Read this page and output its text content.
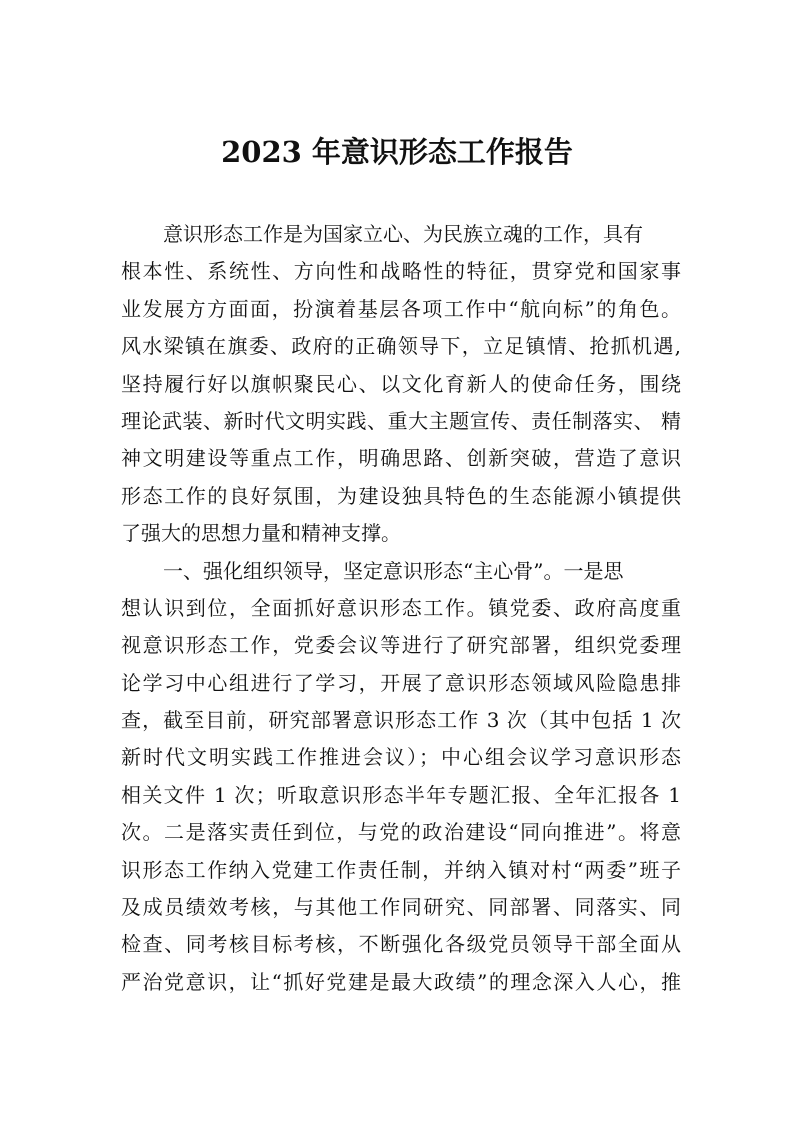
2023 年意识形态工作报告
意识形态工作是为国家立心、为民族立魂的工作，具有
根本性、系统性、方向性和战略性的特征，贯穿党和国家事
业发展方方面面，扮演着基层各项工作中“航向标”的角色。
风水梁镇在旗委、政府的正确领导下，立足镇情、抢抓机遇,
坚持履行好以旗帜聚民心、以文化育新人的使命任务，围绕
理论武装、新时代文明实践、重大主题宣传、责任制落实、 精
神文明建设等重点工作，明确思路、创新突破，营造了意识
形态工作的良好氛围，为建设独具特色的生态能源小镇提供
了强大的思想力量和精神支撑。
一、强化组织领导，坚定意识形态“主心骨”。一是思
想认识到位，全面抓好意识形态工作。镇党委、政府高度重
视意识形态工作，党委会议等进行了研究部署，组织党委理
论学习中心组进行了学习，开展了意识形态领域风险隐患排
查，截至目前，研究部署意识形态工作 3 次（其中包括 1 次
新时代文明实践工作推进会议）；中心组会议学习意识形态
相关文件 1 次；听取意识形态半年专题汇报、全年汇报各 1
次。二是落实责任到位，与党的政治建设“同向推进”。将意
识形态工作纳入党建工作责任制，并纳入镇对村“两委”班子
及成员绩效考核，与其他工作同研究、同部署、同落实、同
检查、同考核目标考核，不断强化各级党员领导干部全面从
严治党意识，让“抓好党建是最大政绩”的理念深入人心，推
